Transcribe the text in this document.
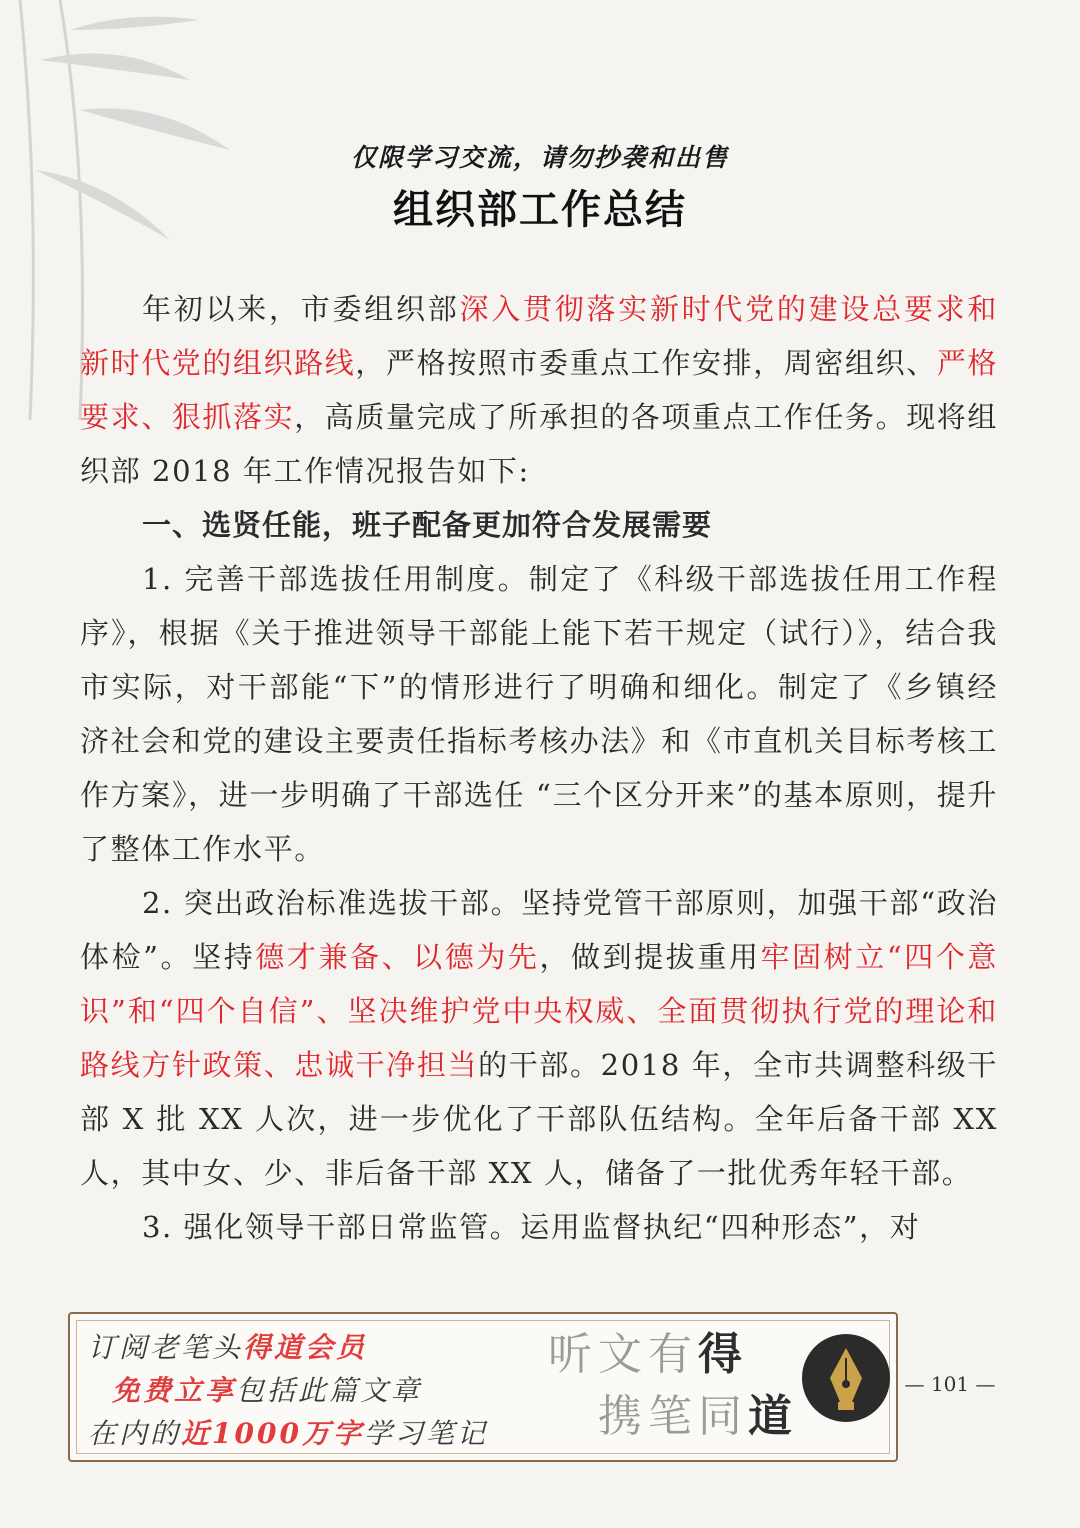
仅限学习交流，请勿抄袭和出售
组织部工作总结

年初以来，市委组织部深入贯彻落实新时代党的建设总要求和新时代党的组织路线，严格按照市委重点工作安排，周密组织、严格要求、狠抓落实，高质量完成了所承担的各项重点工作任务。现将组织部 2018 年工作情况报告如下:

一、选贤任能，班子配备更加符合发展需要

1. 完善干部选拔任用制度。制定了《科级干部选拔任用工作程序》，根据《关于推进领导干部能上能下若干规定（试行）》，结合我市实际，对干部能“下”的情形进行了明确和细化。制定了《乡镇经济社会和党的建设主要责任指标考核办法》和《市直机关目标考核工作方案》，进一步明确了干部选任 “三个区分开来”的基本原则，提升了整体工作水平。

2. 突出政治标准选拔干部。坚持党管干部原则，加强干部“政治体检”。坚持德才兼备、以德为先，做到提拔重用牢固树立“四个意识”和“四个自信”、坚决维护党中央权威、全面贯彻执行党的理论和路线方针政策、忠诚干净担当的干部。2018 年，全市共调整科级干部 X 批 XX 人次，进一步优化了干部队伍结构。全年后备干部 XX 人，其中女、少、非后备干部 XX 人，储备了一批优秀年轻干部。

3. 强化领导干部日常监管。运用监督执纪“四种形态”，对

订阅老笔头得道会员
免费立享包括此篇文章
在内的近1000万字学习笔记
听文有得
携笔同道
— 101 —
